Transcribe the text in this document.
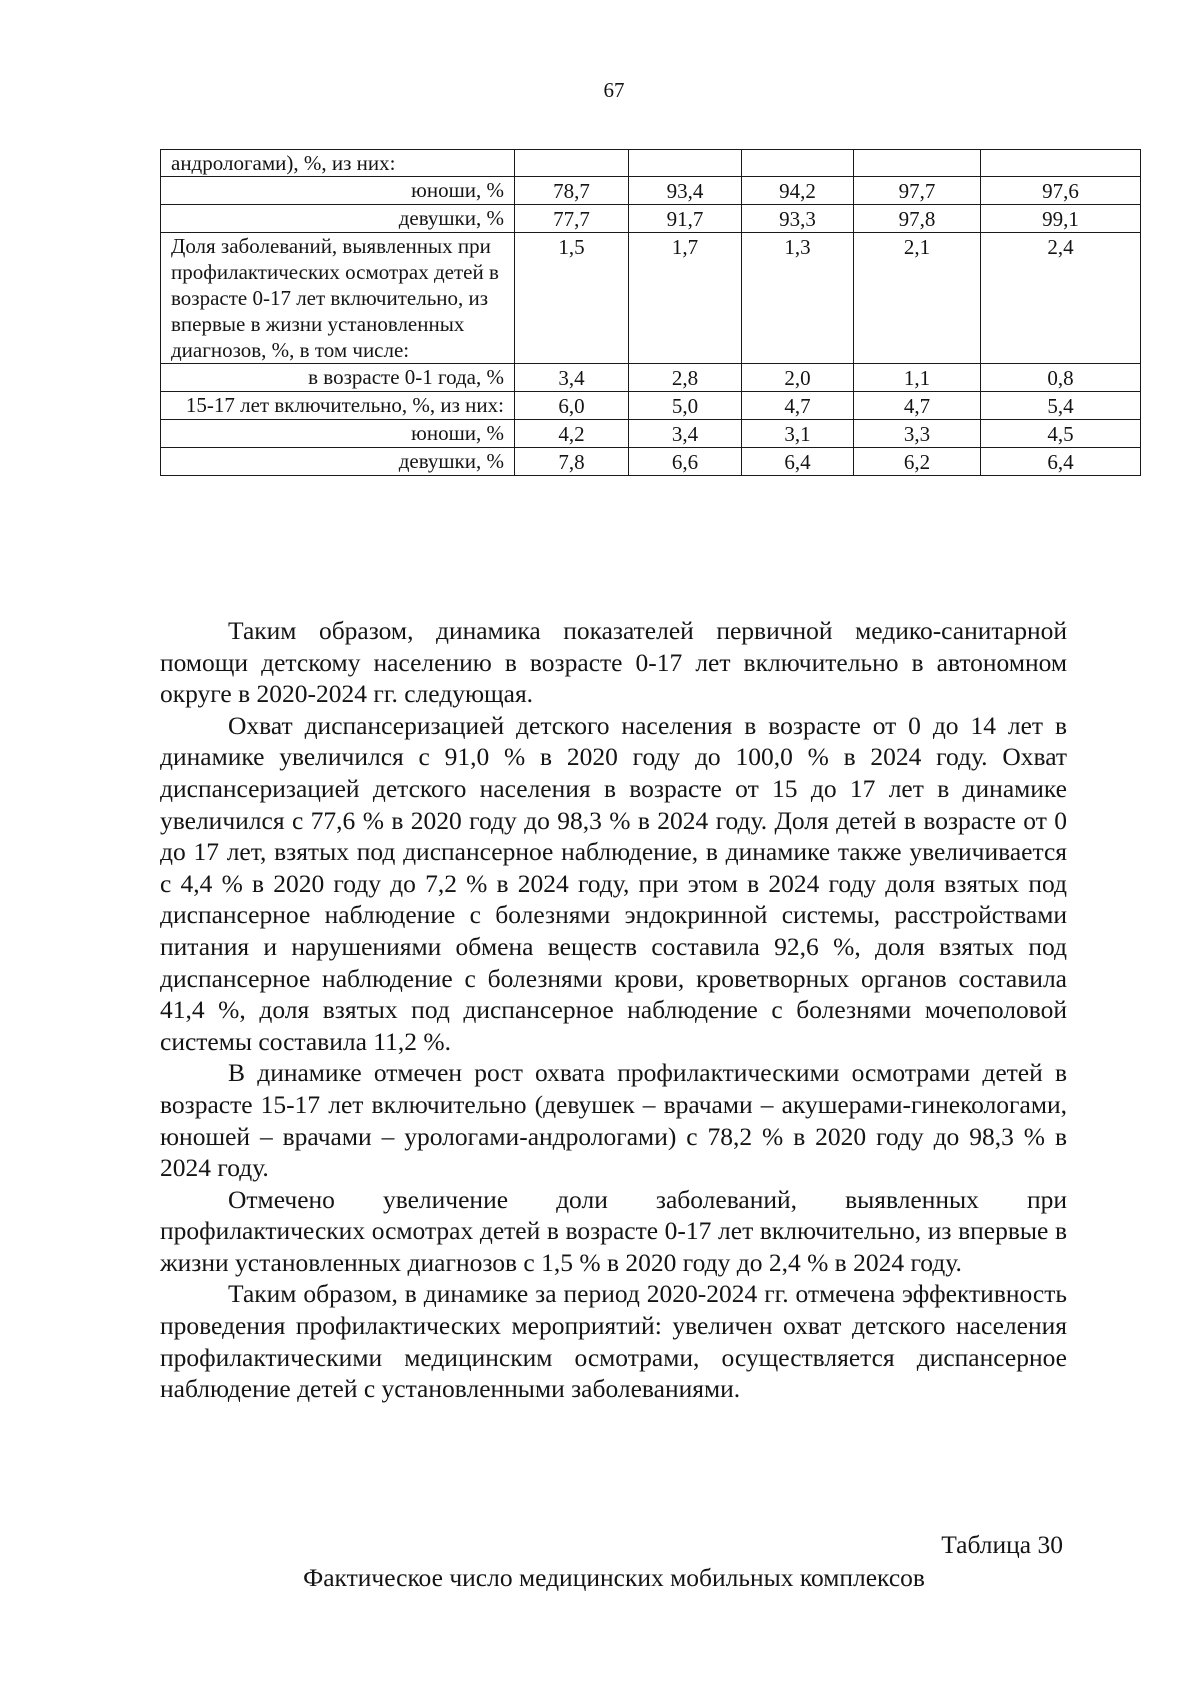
67
андрологами), %, из них:					
юноши, %	78,7	93,4	94,2	97,7	97,6
девушки, %	77,7	91,7	93,3	97,8	99,1
Доля заболеваний, выявленных при профилактических осмотрах детей в возрасте 0-17 лет включительно, из впервые в жизни установленных диагнозов, %, в том числе:	1,5	1,7	1,3	2,1	2,4
в возрасте 0-1 года, %	3,4	2,8	2,0	1,1	0,8
15-17 лет включительно, %, из них:	6,0	5,0	4,7	4,7	5,4
юноши, %	4,2	3,4	3,1	3,3	4,5
девушки, %	7,8	6,6	6,4	6,2	6,4

Таким образом, динамика показателей первичной медико-санитарной помощи детскому населению в возрасте 0-17 лет включительно в автономном округе в 2020-2024 гг. следующая.

Охват диспансеризацией детского населения в возрасте от 0 до 14 лет в динамике увеличился с 91,0 % в 2020 году до 100,0 % в 2024 году. Охват диспансеризацией детского населения в возрасте от 15 до 17 лет в динамике увеличился с 77,6 % в 2020 году до 98,3 % в 2024 году. Доля детей в возрасте от 0 до 17 лет, взятых под диспансерное наблюдение, в динамике также увеличивается с 4,4 % в 2020 году до 7,2 % в 2024 году, при этом в 2024 году доля взятых под диспансерное наблюдение с болезнями эндокринной системы, расстройствами питания и нарушениями обмена веществ составила 92,6 %, доля взятых под диспансерное наблюдение с болезнями крови, кроветворных органов составила 41,4 %, доля взятых под диспансерное наблюдение с болезнями мочеполовой системы составила 11,2 %.

В динамике отмечен рост охвата профилактическими осмотрами детей в возрасте 15-17 лет включительно (девушек – врачами – акушерами-гинекологами, юношей – врачами – урологами-андрологами) с 78,2 % в 2020 году до 98,3 % в 2024 году.

Отмечено увеличение доли заболеваний, выявленных при профилактических осмотрах детей в возрасте 0-17 лет включительно, из впервые в жизни установленных диагнозов с 1,5 % в 2020 году до 2,4 % в 2024 году.

Таким образом, в динамике за период 2020-2024 гг. отмечена эффективность проведения профилактических мероприятий: увеличен охват детского населения профилактическими медицинским осмотрами, осуществляется диспансерное наблюдение детей с установленными заболеваниями.

Таблица 30
Фактическое число медицинских мобильных комплексов
